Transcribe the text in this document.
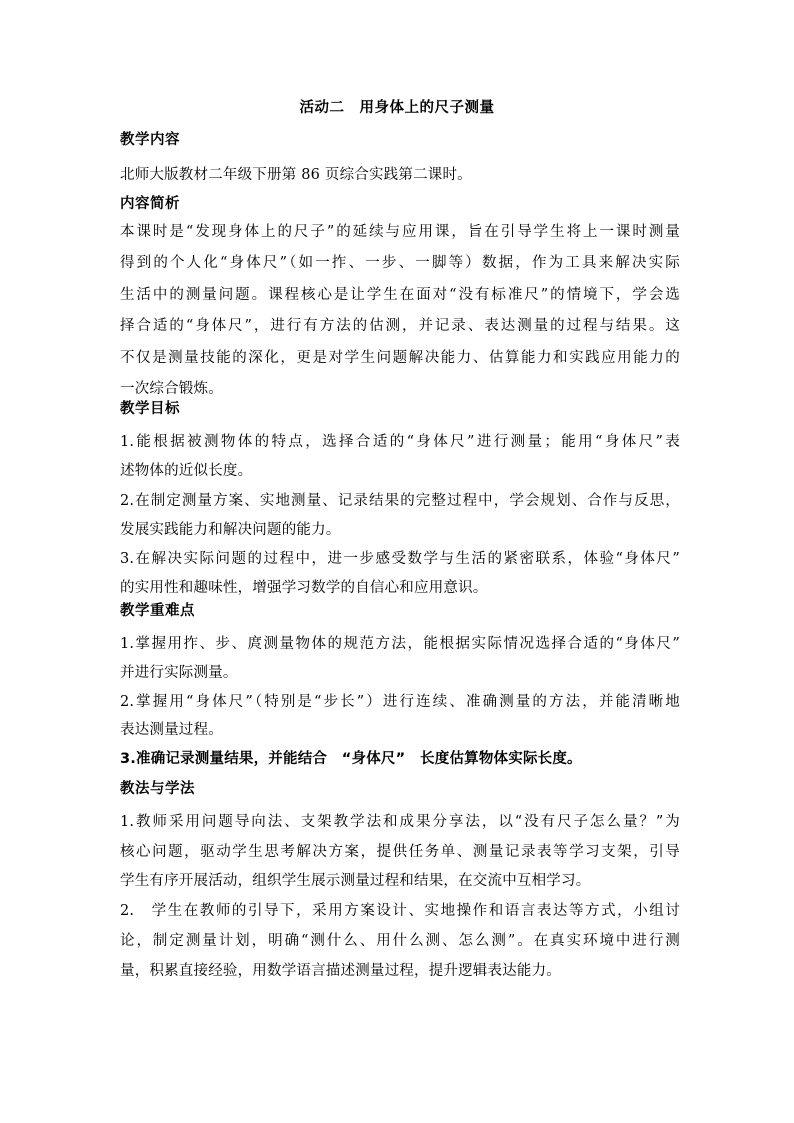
活动二　用身体上的尺子测量
教学内容
北师大版教材二年级下册第 86 页综合实践第二课时。
内容简析
本课时是“发现身体上的尺子”的延续与应用课，旨在引导学生将上一课时测量
得到的个人化“身体尺”（如一拃、一步、一脚等）数据，作为工具来解决实际
生活中的测量问题。课程核心是让学生在面对“没有标准尺”的情境下，学会选
择合适的“身体尺”，进行有方法的估测，并记录、表达测量的过程与结果。这
不仅是测量技能的深化，更是对学生问题解决能力、估算能力和实践应用能力的
一次综合锻炼。
教学目标
1.能根据被测物体的特点，选择合适的“身体尺”进行测量；能用“身体尺”表
述物体的近似长度。
2.在制定测量方案、实地测量、记录结果的完整过程中，学会规划、合作与反思，
发展实践能力和解决问题的能力。
3.在解决实际问题的过程中，进一步感受数学与生活的紧密联系，体验“身体尺”
的实用性和趣味性，增强学习数学的自信心和应用意识。
教学重难点
1.掌握用拃、步、庹测量物体的规范方法，能根据实际情况选择合适的“身体尺”
并进行实际测量。
2.掌握用“身体尺”（特别是“步长”）进行连续、准确测量的方法，并能清晰地
表达测量过程。
3.准确记录测量结果，并能结合　“身体尺”　长度估算物体实际长度。
教法与学法
1.教师采用问题导向法、支架教学法和成果分享法，以“没有尺子怎么量？”为
核心问题，驱动学生思考解决方案，提供任务单、测量记录表等学习支架，引导
学生有序开展活动，组织学生展示测量过程和结果，在交流中互相学习。
2.　学生在教师的引导下，采用方案设计、实地操作和语言表达等方式，小组讨
论，制定测量计划，明确“测什么、用什么测、怎么测”。在真实环境中进行测
量，积累直接经验，用数学语言描述测量过程，提升逻辑表达能力。
